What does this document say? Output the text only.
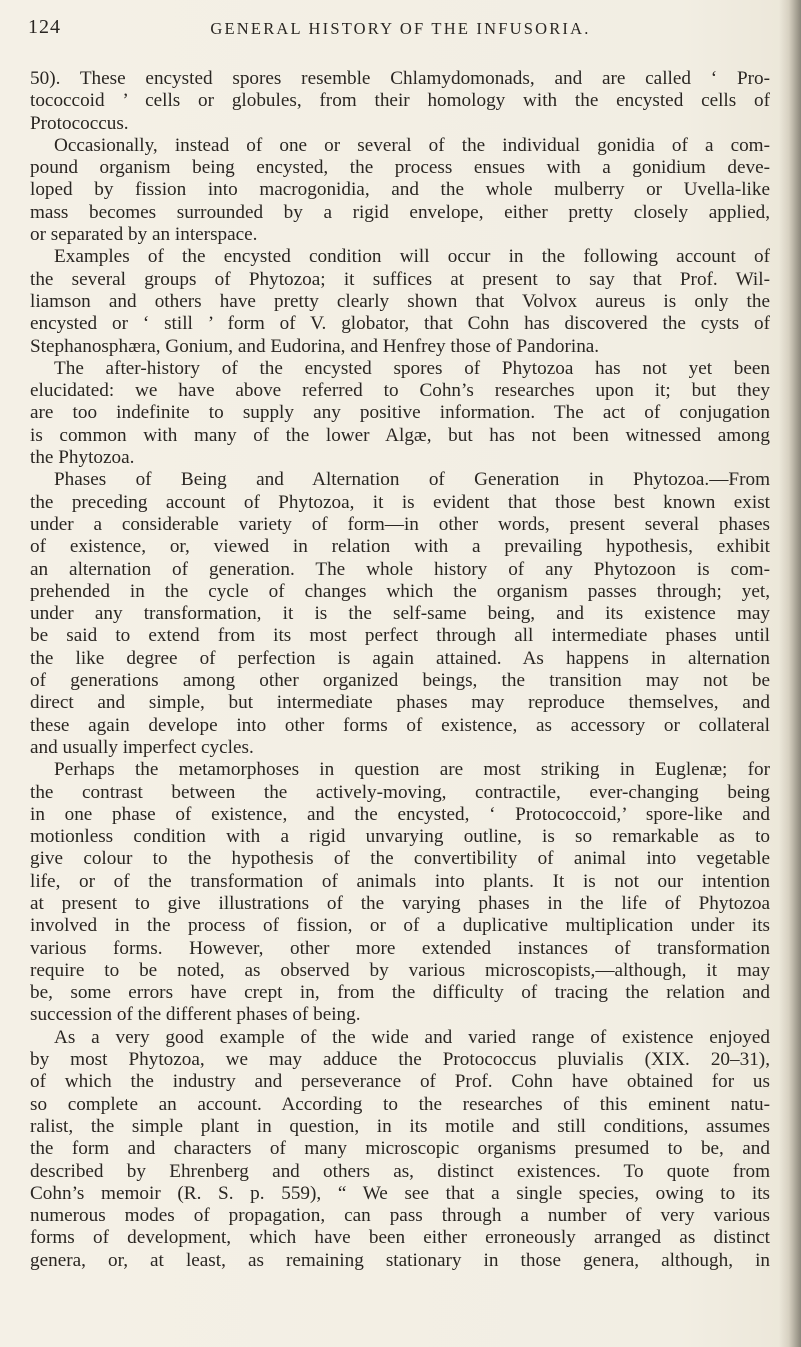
124	GENERAL HISTORY OF THE INFUSORIA.
50). These encysted spores resemble Chlamydomonads, and are called ‘ Pro-
tococcoid ’ cells or globules, from their homology with the encysted cells of
Protococcus.
Occasionally, instead of one or several of the individual gonidia of a com-
pound organism being encysted, the process ensues with a gonidium deve-
loped by fission into macrogonidia, and the whole mulberry or Uvella-like
mass becomes surrounded by a rigid envelope, either pretty closely applied,
or separated by an interspace.
Examples of the encysted condition will occur in the following account of
the several groups of Phytozoa; it suffices at present to say that Prof. Wil-
liamson and others have pretty clearly shown that Volvox aureus is only the
encysted or ‘ still ’ form of V. globator, that Cohn has discovered the cysts of
Stephanosphæra, Gonium, and Eudorina, and Henfrey those of Pandorina.
The after-history of the encysted spores of Phytozoa has not yet been
elucidated: we have above referred to Cohn’s researches upon it; but they
are too indefinite to supply any positive information. The act of conjugation
is common with many of the lower Algæ, but has not been witnessed among
the Phytozoa.
Phases of Being and Alternation of Generation in Phytozoa.—From
the preceding account of Phytozoa, it is evident that those best known exist
under a considerable variety of form—in other words, present several phases
of existence, or, viewed in relation with a prevailing hypothesis, exhibit
an alternation of generation. The whole history of any Phytozoon is com-
prehended in the cycle of changes which the organism passes through; yet,
under any transformation, it is the self-same being, and its existence may
be said to extend from its most perfect through all intermediate phases until
the like degree of perfection is again attained. As happens in alternation
of generations among other organized beings, the transition may not be
direct and simple, but intermediate phases may reproduce themselves, and
these again develope into other forms of existence, as accessory or collateral
and usually imperfect cycles.
Perhaps the metamorphoses in question are most striking in Euglenæ; for
the contrast between the actively-moving, contractile, ever-changing being
in one phase of existence, and the encysted, ‘ Protococcoid,’ spore-like and
motionless condition with a rigid unvarying outline, is so remarkable as to
give colour to the hypothesis of the convertibility of animal into vegetable
life, or of the transformation of animals into plants. It is not our intention
at present to give illustrations of the varying phases in the life of Phytozoa
involved in the process of fission, or of a duplicative multiplication under its
various forms. However, other more extended instances of transformation
require to be noted, as observed by various microscopists,—although, it may
be, some errors have crept in, from the difficulty of tracing the relation and
succession of the different phases of being.
As a very good example of the wide and varied range of existence enjoyed
by most Phytozoa, we may adduce the Protococcus pluvialis (XIX. 20–31),
of which the industry and perseverance of Prof. Cohn have obtained for us
so complete an account. According to the researches of this eminent natu-
ralist, the simple plant in question, in its motile and still conditions, assumes
the form and characters of many microscopic organisms presumed to be, and
described by Ehrenberg and others as, distinct existences. To quote from
Cohn’s memoir (R. S. p. 559), “ We see that a single species, owing to its
numerous modes of propagation, can pass through a number of very various
forms of development, which have been either erroneously arranged as distinct
genera, or, at least, as remaining stationary in those genera, although, in
